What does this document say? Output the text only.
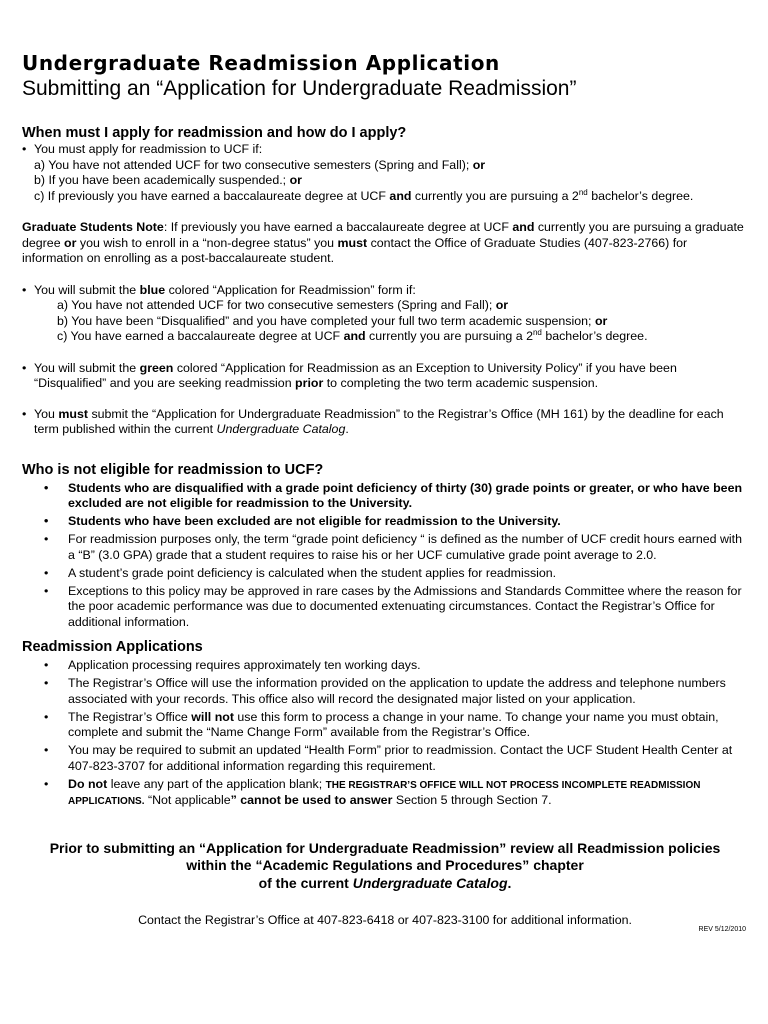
Undergraduate Readmission Application
Submitting an “Application for Undergraduate Readmission”
When must I apply for readmission and how do I apply?
• You must apply for readmission to UCF if:
a) You have not attended UCF for two consecutive semesters (Spring and Fall); or
b) If you have been academically suspended.; or
c) If previously you have earned a baccalaureate degree at UCF and currently you are pursuing a 2nd bachelor’s degree.

Graduate Students Note: If previously you have earned a baccalaureate degree at UCF and currently you are pursuing a graduate degree or you wish to enroll in a “non-degree status” you must contact the Office of Graduate Studies (407-823-2766) for information on enrolling as a post-baccalaureate student.

• You will submit the blue colored “Application for Readmission” form if:
a) You have not attended UCF for two consecutive semesters (Spring and Fall); or
b) You have been “Disqualified” and you have completed your full two term academic suspension; or
c) You have earned a baccalaureate degree at UCF and currently you are pursuing a 2nd bachelor’s degree.
• You will submit the green colored “Application for Readmission as an Exception to University Policy” if you have been “Disqualified” and you are seeking readmission prior to completing the two term academic suspension.
• You must submit the “Application for Undergraduate Readmission” to the Registrar’s Office (MH 161) by the deadline for each term published within the current Undergraduate Catalog.
Who is not eligible for readmission to UCF?
• Students who are disqualified with a grade point deficiency of thirty (30) grade points or greater, or who have been excluded are not eligible for readmission to the University.
• Students who have been excluded are not eligible for readmission to the University.
• For readmission purposes only, the term “grade point deficiency “ is defined as the number of UCF credit hours earned with a “B” (3.0 GPA) grade that a student requires to raise his or her UCF cumulative grade point average to 2.0.
• A student’s grade point deficiency is calculated when the student applies for readmission.
• Exceptions to this policy may be approved in rare cases by the Admissions and Standards Committee where the reason for the poor academic performance was due to documented extenuating circumstances. Contact the Registrar’s Office for additional information.
Readmission Applications
• Application processing requires approximately ten working days.
• The Registrar’s Office will use the information provided on the application to update the address and telephone numbers associated with your records. This office also will record the designated major listed on your application.
• The Registrar’s Office will not use this form to process a change in your name. To change your name you must obtain, complete and submit the “Name Change Form” available from the Registrar’s Office.
• You may be required to submit an updated “Health Form” prior to readmission. Contact the UCF Student Health Center at 407-823-3707 for additional information regarding this requirement.
• Do not leave any part of the application blank; THE REGISTRAR’S OFFICE WILL NOT PROCESS INCOMPLETE READMISSION APPLICATIONS. “Not applicable” cannot be used to answer Section 5 through Section 7.
Prior to submitting an “Application for Undergraduate Readmission” review all Readmission policies
within the “Academic Regulations and Procedures” chapter
of the current Undergraduate Catalog.
Contact the Registrar’s Office at 407-823-6418 or 407-823-3100 for additional information.
REV 5/12/2010
